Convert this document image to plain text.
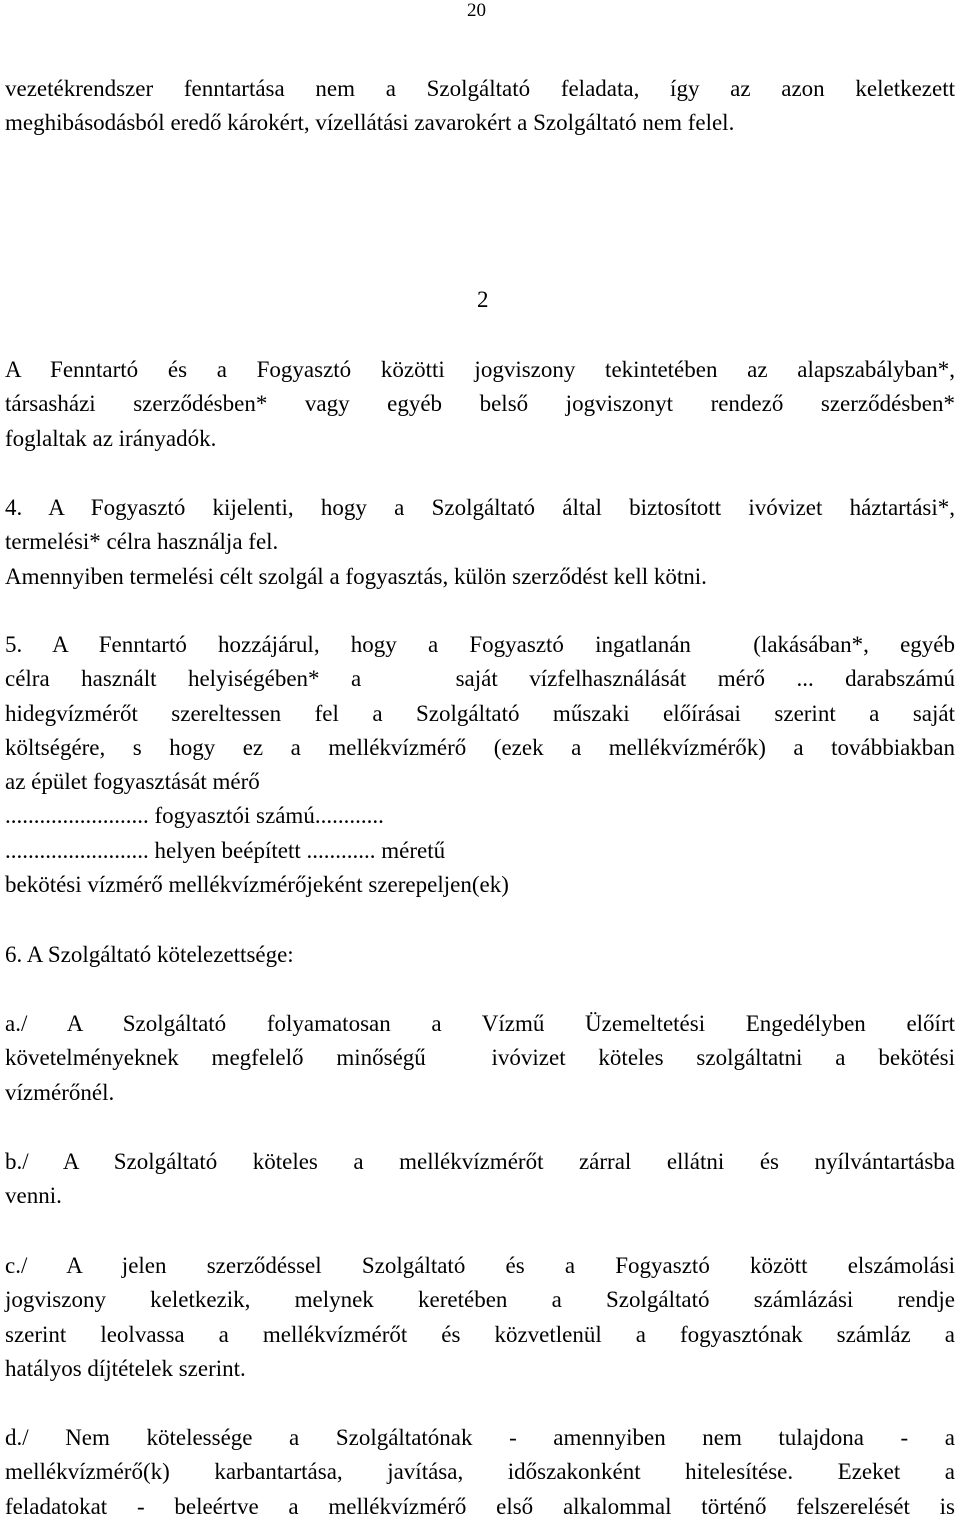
20

vezetékrendszer fenntartása nem a Szolgáltató feladata, így az azon keletkezett

meghibásodásból eredő károkért, vízellátási zavarokért a Szolgáltató nem felel.

2

A Fenntartó és a Fogyasztó közötti jogviszony tekintetében az alapszabályban*,

társasházi szerződésben* vagy egyéb belső jogviszonyt rendező szerződésben*

foglaltak az irányadók.

4. A Fogyasztó kijelenti, hogy a Szolgáltató által biztosított ivóvizet háztartási*,

termelési* célra használja fel.

Amennyiben termelési célt szolgál a fogyasztás, külön szerződést kell kötni.

5. A Fenntartó hozzájárul, hogy a Fogyasztó ingatlanán  (lakásában*, egyéb

célra használt helyiségében* a   saját vízfelhasználását mérő ... darabszámú

hidegvízmérőt szereltessen fel a Szolgáltató műszaki előírásai szerint a saját

költségére, s hogy ez a mellékvízmérő (ezek a mellékvízmérők) a továbbiakban

az épület fogyasztását mérő

......................... fogyasztói számú............

......................... helyen beépített ............ méretű

bekötési vízmérő mellékvízmérőjeként szerepeljen(ek)

6. A Szolgáltató kötelezettsége:

a./ A Szolgáltató folyamatosan a Vízmű Üzemeltetési Engedélyben előírt

követelményeknek megfelelő minőségű  ivóvizet köteles szolgáltatni a bekötési

vízmérőnél.

b./ A Szolgáltató köteles a mellékvízmérőt zárral ellátni és nyílvántartásba

venni.

c./ A jelen szerződéssel Szolgáltató és a Fogyasztó között elszámolási

jogviszony keletkezik, melynek keretében a Szolgáltató számlázási rendje

szerint leolvassa a mellékvízmérőt és közvetlenül a fogyasztónak számláz a

hatályos díjtételek szerint.

d./ Nem kötelessége a Szolgáltatónak - amennyiben nem tulajdona - a

mellékvízmérő(k) karbantartása, javítása, időszakonként hitelesítése. Ezeket a

feladatokat - beleértve a mellékvízmérő első alkalommal történő felszerelését is
